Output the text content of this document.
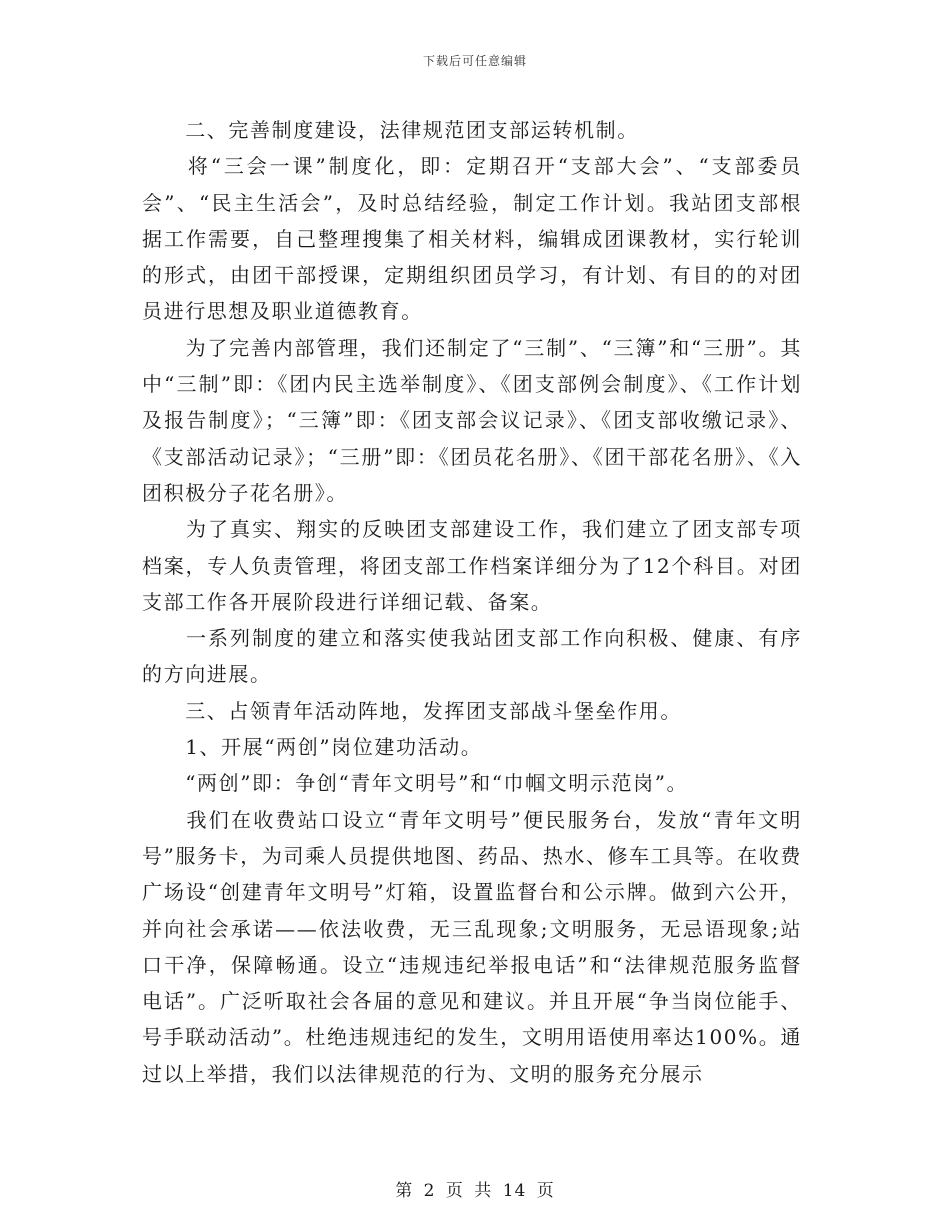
下载后可任意编辑

　　二、完善制度建设，法律规范团支部运转机制。

　　将“三会一课”制度化，即：定期召开“支部大会”、“支部委员会”、“民主生活会”，及时总结经验，制定工作计划。我站团支部根据工作需要，自己整理搜集了相关材料，编辑成团课教材，实行轮训的形式，由团干部授课，定期组织团员学习，有计划、有目的的对团员进行思想及职业道德教育。

　　为了完善内部管理，我们还制定了“三制”、“三簿”和“三册”。其中“三制”即：《团内民主选举制度》、《团支部例会制度》、《工作计划及报告制度》；“三簿”即：《团支部会议记录》、《团支部收缴记录》、《支部活动记录》；“三册”即：《团员花名册》、《团干部花名册》、《入团积极分子花名册》。

　　为了真实、翔实的反映团支部建设工作，我们建立了团支部专项档案，专人负责管理，将团支部工作档案详细分为了12个科目。对团支部工作各开展阶段进行详细记载、备案。

　　一系列制度的建立和落实使我站团支部工作向积极、健康、有序的方向进展。

　　三、占领青年活动阵地，发挥团支部战斗堡垒作用。

　　1、开展“两创”岗位建功活动。

　　“两创”即：争创“青年文明号”和“巾帼文明示范岗”。

　　我们在收费站口设立“青年文明号”便民服务台，发放“青年文明号”服务卡，为司乘人员提供地图、药品、热水、修车工具等。在收费广场设“创建青年文明号”灯箱，设置监督台和公示牌。做到六公开，并向社会承诺——依法收费，无三乱现象;文明服务，无忌语现象;站口干净，保障畅通。设立“违规违纪举报电话”和“法律规范服务监督电话”。广泛听取社会各届的意见和建议。并且开展“争当岗位能手、号手联动活动”。杜绝违规违纪的发生，文明用语使用率达100%。通过以上举措，我们以法律规范的行为、文明的服务充分展示

第 2 页 共 14 页
